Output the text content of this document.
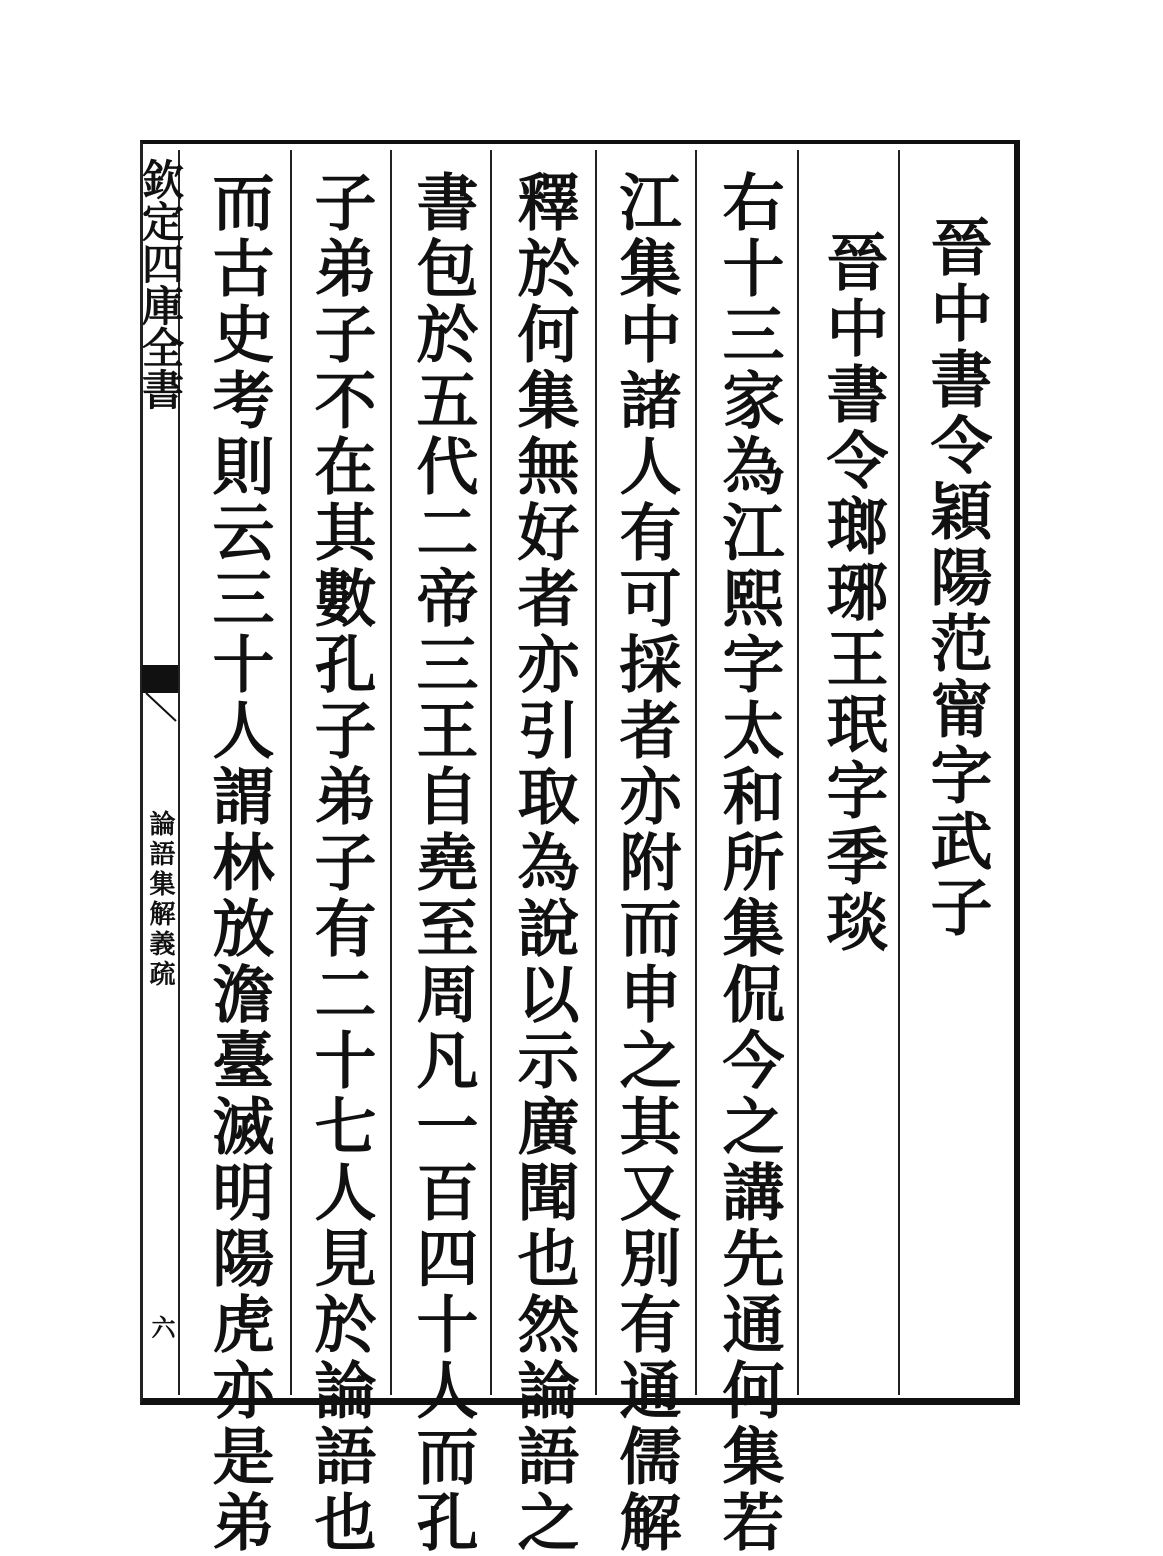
欽定四庫全書
論語集解義疏
六
晉中書令穎陽范甯字武子
晉中書令瑯琊王珉字季琰
右十三家為江熙字太和所集侃今之講先通何集若
江集中諸人有可採者亦附而申之其又別有通儒解
釋於何集無好者亦引取為說以示廣聞也然論語之
書包於五代二帝三王自堯至周凡一百四十人而孔
子弟子不在其數孔子弟子有二十七人見於論語也
而古史考則云三十人謂林放澹臺滅明陽虎亦是弟
